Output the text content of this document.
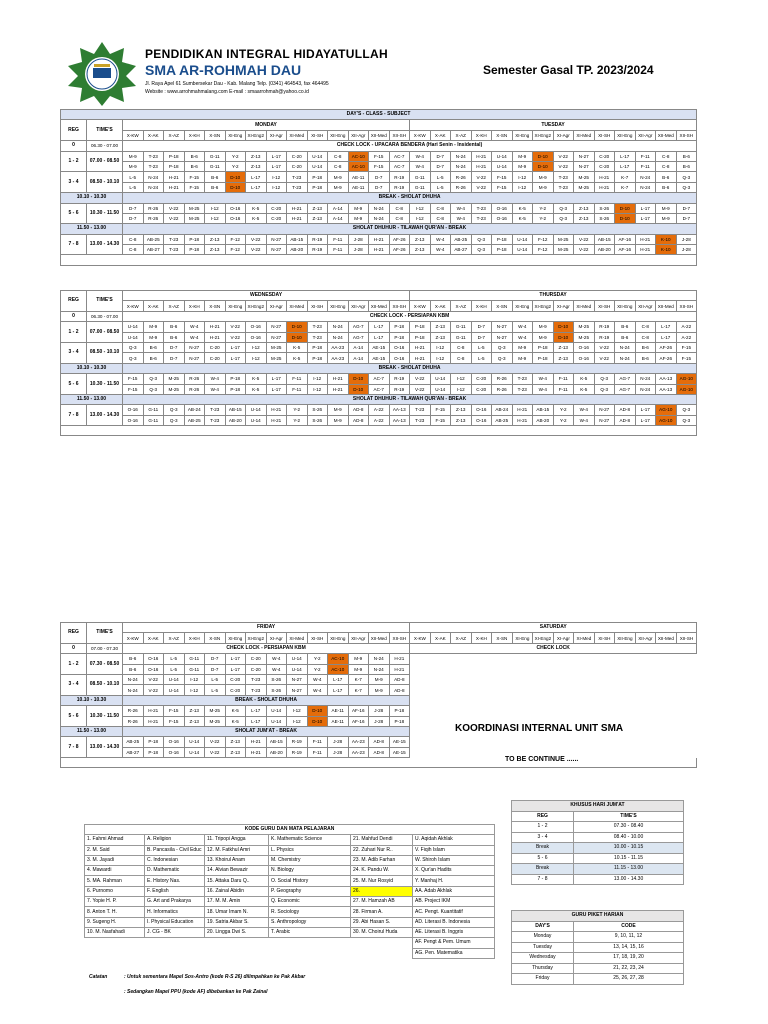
PENDIDIKAN INTEGRAL HIDAYATULLAH
SMA AR-ROHMAH DAU
Jl. Raya Apel 61 Sumbersekar Dau - Kab. Malang Telp. (0341) 464543, fax 464495
Website : www.arrohmahmalang.com E-mail : smaarrohmah@yahoo.co.id
Semester Gasal TP. 2023/2024
DAY'S - CLASS - SUBJECT																													
REG	TIME'S	MONDAY														TUESDAY													
		X-KW	X-AK	X-AZ	X-KH	X-SN	XI-Eng	XI-Eng2	XI-Agr	XI-Med	XI-SH	XII-Eng	XII-Agr	XII-Med	XII-SH	X-KW	X-AK	X-AZ	X-KH	X-SN	XI-Eng	XI-Eng2	XI-Agr	XI-Med	XI-SH	XII-Eng	XII-Agr	XII-Med	XII-SH
0	06.30 - 07.00	CHECK LOCK - UPACARA BENDERA (Hari Senin - Insidental)																											
1 - 2	07.00 - 08.50	M-9	T-23	P-18	B-6	G-11	Y-2	Z-13	L-17	C-20	U-14	C-8	AC-10	F-15	AC-7	W-4	D-7	N-24	H-21	U-14	M-9	D-10	V-22	N-27	C-20	L-17	F-11	C-8	B-6
		M-9	T-23	P-18	B-6	G-11	Y-2	Z-13	L-17	C-20	U-14	C-8	AC-10	F-15	AC-7	W-4	D-7	N-24	H-21	U-14	M-9	D-10	V-22	N-27	C-20	L-17	F-11	C-8	B-6
3 - 4	08.50 - 10.10	L-5	N-24	H-21	F-15	B-6	D-10	L-17	I-12	T-23	P-18	M-9	AE-11	D-7	R-19	G-11	L-5	R-26	V-22	F-15	I-12	M-9	T-23	M-25	H-21	K-7	N-24	B-6	Q-3
		L-5	N-24	H-21	F-15	B-6	D-10	L-17	I-12	T-23	P-18	M-9	AE-11	D-7	R-19	G-11	L-5	R-26	V-22	F-15	I-12	M-9	T-23	M-25	H-21	K-7	N-24	B-6	Q-3
10.10 - 10.30		BREAK - SHOLAT DHUHA																											
5 - 6	10.30 - 11.50	D-7	R-26	V-22	M-25	I-12	O-16	K-5	C-20	H-21	Z-13	A-14	M-9	N-24	C-8	I-12	C-8	W-4	T-23	O-16	K-5	Y-2	Q-3	Z-13	S-26	D-10	L-17	M-9	D-7
		D-7	R-26	V-22	M-25	I-12	O-16	K-5	C-20	H-21	Z-13	A-14	M-9	N-24	C-8	I-12	C-8	W-4	T-23	O-16	K-5	Y-2	Q-3	Z-13	S-26	D-10	L-17	M-9	D-7
11.50 - 13.00		SHOLAT DHUHUR - TILAWAH QUR'AN - BREAK																											
7 - 8	13.00 - 14.30	C-8	AB-25	T-23	P-18	Z-13	F-12	V-22	N-27	AB-15	R-19	F-11	J-28	H-21	AF-26	Z-13	W-4	AB-25	Q-3	P-18	U-14	F-12	M-25	V-22	AB-15	AF-16	H-21	K-10	J-28
		C-8	AB-27	T-23	P-18	Z-13	F-12	V-22	N-27	AB-20	R-19	F-11	J-28	H-21	AF-26	Z-13	W-4	AB-27	Q-3	P-18	U-14	F-12	M-25	V-22	AB-20	AF-16	H-21	K-10	J-28

REG	TIME'S	WEDNESDAY														THURSDAY													
		X-KW	X-AK	X-AZ	X-KH	X-SN	XI-Eng	XI-Eng2	XI-Agr	XI-Med	XI-SH	XII-Eng	XII-Agr	XII-Med	XII-SH	X-KW	X-AK	X-AZ	X-KH	X-SN	XI-Eng	XI-Eng2	XI-Agr	XI-Med	XI-SH	XII-Eng	XII-Agr	XII-Med	XII-SH
0	06.30 - 07.00	CHECK LOCK - PERSIAPAN KBM																											
1 - 2	07.00 - 08.50	U-14	M-9	B-6	W-4	H-21	V-22	O-16	N-27	D-10	T-23	N-24	AG-7	L-17	P-18	P-18	Z-13	G-11	D-7	N-27	W-4	M-9	D-10	M-25	R-19	B-6	C-8	L-17	A-22
		U-14	M-9	B-6	W-4	H-21	V-22	O-16	N-27	D-10	T-23	N-24	AG-7	L-17	P-18	P-18	Z-13	G-11	D-7	N-27	W-4	M-9	D-10	M-25	R-19	B-6	C-8	L-17	A-22
3 - 4	08.50 - 10.10	Q-3	B-6	D-7	N-27	C-20	L-17	I-12	M-25	K-5	P-18	AA-23	A-14	AE-15	O-16	H-21	I-12	C-8	L-5	Q-3	M-9	P-18	Z-13	O-16	V-22	N-24	B-6	AF-26	F-15
		Q-3	B-6	D-7	N-27	C-20	L-17	I-12	M-25	K-5	P-18	AA-23	A-14	AE-15	O-16	H-21	I-12	C-8	L-5	Q-3	M-9	P-18	Z-13	O-16	V-22	N-24	B-6	AF-26	F-15
10.10 - 10.30		BREAK - SHOLAT DHUHA																											
5 - 6	10.30 - 11.50	F-15	Q-3	M-25	R-26	W-4	P-18	K-5	L-17	F-11	I-12	H-21	D-10	AC-7	R-19	V-22	U-14	I-12	C-20	R-26	T-23	W-4	F-11	K-5	Q-3	AG-7	N-24	AA-13	AG-10
		F-15	Q-3	M-25	R-26	W-4	P-18	K-5	L-17	F-11	I-12	H-21	D-10	AC-7	R-19	V-22	U-14	I-12	C-20	R-26	T-23	W-4	F-11	K-5	Q-3	AG-7	N-24	AA-13	AG-10
11.50 - 13.00		SHOLAT DHUHUR - TILAWAH QUR'AN - BREAK																											
7 - 8	13.00 - 14.30	O-16	G-11	Q-3	AB-24	T-23	AB-15	U-14	H-21	Y-2	S-26	M-9	AD-8	A-22	AA-13	T-23	F-15	Z-13	O-16	AB-24	H-21	AB-15	Y-2	W-4	N-27	AD-8	L-17	AG-10	Q-3
		O-16	G-11	Q-3	AB-25	T-23	AB-20	U-14	H-21	Y-2	S-26	M-9	AD-8	A-22	AA-13	T-23	F-15	Z-13	O-16	AB-25	H-21	AB-20	Y-2	W-4	N-27	AD-8	L-17	AG-10	Q-3

REG	TIME'S	FRIDAY														SATURDAY													
		X-KW	X-AK	X-AZ	X-KH	X-SN	XI-Eng	XI-Eng2	XI-Agr	XI-Med	XI-SH	XII-Eng	XII-Agr	XII-Med	XII-SH	X-KW	X-AK	X-AZ	X-KH	X-SN	XI-Eng	XI-Eng2	XI-Agr	XI-Med	XI-SH	XII-Eng	XII-Agr	XII-Med	XII-SH
0	07.00 - 07.30	CHECK LOCK - PERSIAPAN KBM														CHECK LOCK													
1 - 2	07.30 - 08.50	B-6	O-16	L-5	G-11	D-7	L-17	C-20	W-4	U-14	Y-2	AC-10	M-9	N-24	H-21														
		B-6	O-16	L-5	G-11	D-7	L-17	C-20	W-4	U-14	Y-2	AC-10	M-9	N-24	H-21														
3 - 4	08.50 - 10.10	N-24	V-22	U-14	I-12	L-5	C-20	T-23	S-26	N-27	W-4	L-17	K-7	M-9	AD-8														
		N-24	V-22	U-14	I-12	L-5	C-20	T-23	S-26	N-27	W-4	L-17	K-7	M-9	AD-8														
10.10 - 10.30		BREAK - SHOLAT DHUHA																											
5 - 6	10.30 - 11.50	R-26	H-21	F-15	Z-13	M-25	K-5	L-17	U-14	I-12	D-10	AE-11	AF-16	J-28	P-18														
		R-26	H-21	F-15	Z-13	M-25	K-5	L-17	U-14	I-12	D-10	AE-11	AF-16	J-28	P-18														
11.50 - 13.00		SHOLAT JUM'AT - BREAK																											
7 - 8	13.00 - 14.30	AB-25	P-18	O-16	U-14	V-22	Z-13	H-21	AB-15	R-19	F-11	J-28	AA-23	AD-8	AE-15														
		AB-27	P-18	O-16	U-14	V-22	Z-13	H-21	AB-20	R-19	F-11	J-28	AA-23	AD-8	AE-15														

KOORDINASI INTERNAL UNIT SMA
TO BE CONTINUE ......
KODE GURU DAN MATA PELAJARAN					
1. Fahmi Ahmad	A. Religion	11. Tripopi Angga	K. Mathematic Science	21. Mahfud Dendi	U. Aqidah Akhlak
2. M. Said	B. Pancasila - Civil Educ	12. M. Fatkhul Amri	L. Physics	22. Zuhari Nur R..	V. Fiqih Islam
3. M. Jayadi	C. Indonesian	13. Khoirul Anam	M. Chemistry	23. M. Adib Farhan	W. Shiroh Islam
4. Mawardi	D. Mathematic	14. Alvian Bewazir	N. Biology	24. K. Pandu W.	X. Qur'an Hadits
5. MA. Rahman	E. History Nas.	15. Attaka Daru Q..	O. Social History	25. M. Nur Rosyid	Y. Manhaj H.
6. Purnomo	F. English	16. Zainal Abidin	P. Geography	26.	AA. Adab Akhlak
7. Yopie H. P.	G. Art and Prakarya	17. M. M. Amin	Q. Economic	27. M. Hamzah AB	AB. Project IKM
8. Anton T. H.	H. Informatics	18. Umar Imam N.	R. Sociology	28. Firman A.	AC. Pengt. Kuantitatif
9. Sugeng H.	I. Physical Education	19. Satria Akbar S.	S. Anthropology	29. Abi Hasan S.	AD. Literasi B. Indonesia
10. M. Nasfahadi	J. CG - BK	20. Lingga Dwi S.	T. Arabic	30. M. Choirul Huda	AE. Literasi B. Inggris
					AF. Pengt & Pem. Umum
					AG. Pen. Matematika
KHUSUS HARI JUM'AT	
REG	TIME'S
1 - 2	07.30 - 08.40
3 - 4	08.40 - 10.00
Break	10.00 - 10.15
5 - 6	10.15 - 11.15
Break	11.15 - 13.00
7 - 8	13.00 - 14.30
GURU PIKET HARIAN	
DAY'S	CODE
Monday	9, 10, 11, 12
Tuesday	13, 14, 15, 16
Wednesday	17, 18, 19, 20
Thursday	21, 22, 23, 24
Friday	25, 26, 27, 28
Catatan	: Untuk sementara Mapel Sos-Antro (kode R-S 26) dilimpahkan ke Pak Akbar
: Sedangkan Mapel PPU (kode AF) dibebankan ke Pak Zainal
